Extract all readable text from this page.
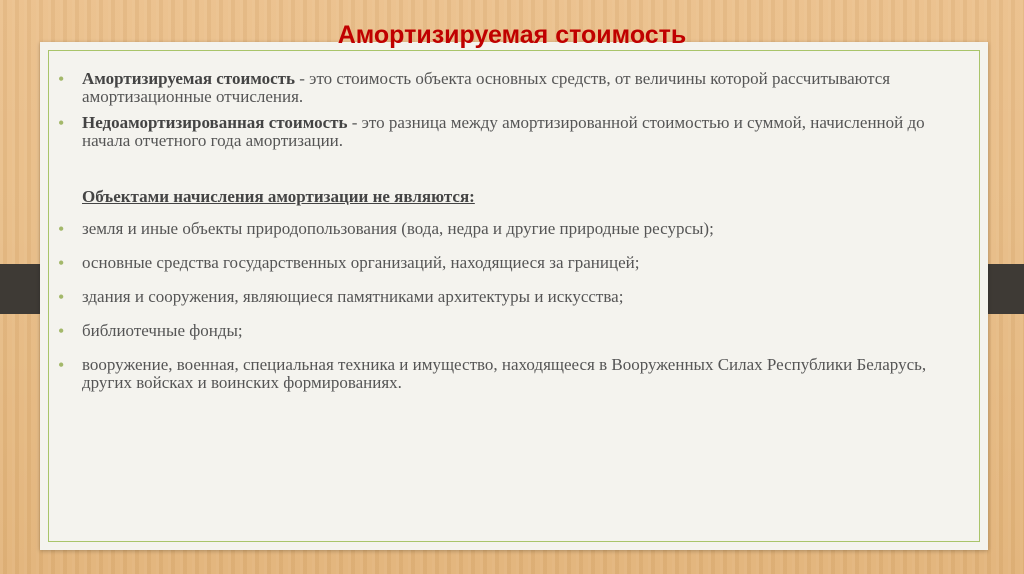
Амортизируемая стоимость
• Амортизируемая стоимость - это стоимость объекта основных средств, от величины которой рассчитываются амортизационные отчисления.
• Недоамортизированная стоимость - это разница между амортизированной стоимостью и суммой, начисленной до начала отчетного года амортизации.
Объектами начисления амортизации не являются:
• земля и иные объекты природопользования (вода, недра и другие природные ресурсы);
• основные средства государственных организаций, находящиеся за границей;
• здания и сооружения, являющиеся памятниками архитектуры и искусства;
• библиотечные фонды;
• вооружение, военная, специальная техника и имущество, находящееся в Вооруженных Силах Республики Беларусь, других войсках и воинских формированиях.
